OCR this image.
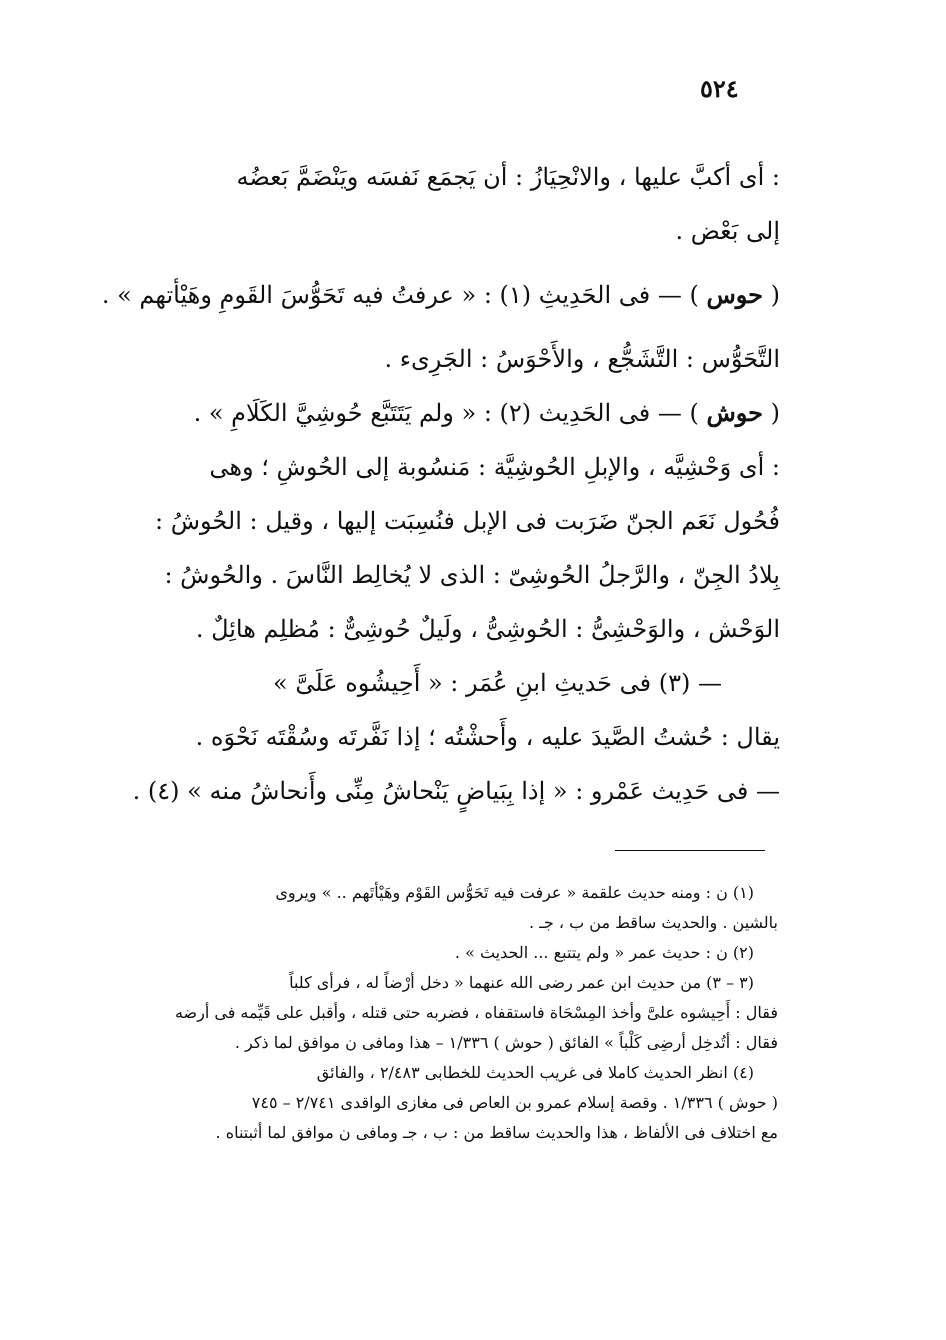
٥٢٤

: أى أكبَّ عليها ، والانْحِيَازُ : أن يَجمَع نَفسَه ويَنْضَمَّ بَعضُه

إلى بَعْض .

( حوس ) — فى الحَدِيثِ (١) : « عرفتُ فيه تَحَوُّسَ القَومِ وهَيْأتهم » .

التَّحَوُّس : التَّشَجُّع ، والأَحْوَسُ : الجَرِىء .

( حوش ) — فى الحَدِيث (٢) : « ولم يَتَتَبَّع حُوشِيَّ الكَلَامِ » .

: أى وَحْشِيَّه ، والإبلِ الحُوشِيَّة : مَنسُوبة إلى الحُوشِ ؛ وهى

فُحُول نَعَم الجنّ ضَرَبت فى الإبل فنُسِبَت إليها ، وقيل : الحُوشُ :

بِلادُ الجِنّ ، والرَّجلُ الحُوشِىّ : الذى لا يُخالِط النَّاسَ . والحُوشُ :

الوَحْش ، والوَحْشِىُّ : الحُوشِىُّ ، ولَيلٌ حُوشِىٌّ : مُظلِم هائِلٌ .

— (٣) فى حَديثِ ابنِ عُمَر : « أَحِيشُوه عَلَىَّ »

يقال : حُشتُ الصَّيدَ عليه ، وأَحشْتُه ؛ إذا نَفَّرتَه وسُقْتَه نَحْوَه .

— فى حَدِيث عَمْرو : « إذا بِبَياضٍ يَنْحاشُ مِنِّى وأَنحاشُ منه » (٤) .

(١) ن : ومنه حديث علقمة « عرفت فيه تَحَوُّس القَوْم وهَيْأتَهم .. » ويروى

بالشين . والحديث ساقط من ب ، جـ .

(٢) ن : حديث عمر « ولم يتتبع ... الحديث » .

(٣ – ٣) من حديث ابن عمر رضى الله عنهما « دخل أرْضاً له ، فرأى كلباً

فقال : أَحِيشوه علىَّ وأخذ المِسْحَاة فاستقفاه ، فضربه حتى قتله ، وأقبل على قَيِّمه فى أرضه

فقال : أتُدخِل أرضِى كَلْباً » الفائق ( حوش ) ١/٣٣٦ – هذا ومافى ن موافق لما ذكر .

(٤) انظر الحديث كاملا فى غريب الحديث للخطابى ٢/٤٨٣ ، والفائق

( حوش ) ١/٣٣٦ . وقصة إسلام عمرو بن العاص فى مغازى الواقدى ٢/٧٤١ – ٧٤٥

مع اختلاف فى الألفاظ ، هذا والحديث ساقط من : ب ، جـ ومافى ن موافق لما أثبتناه .
